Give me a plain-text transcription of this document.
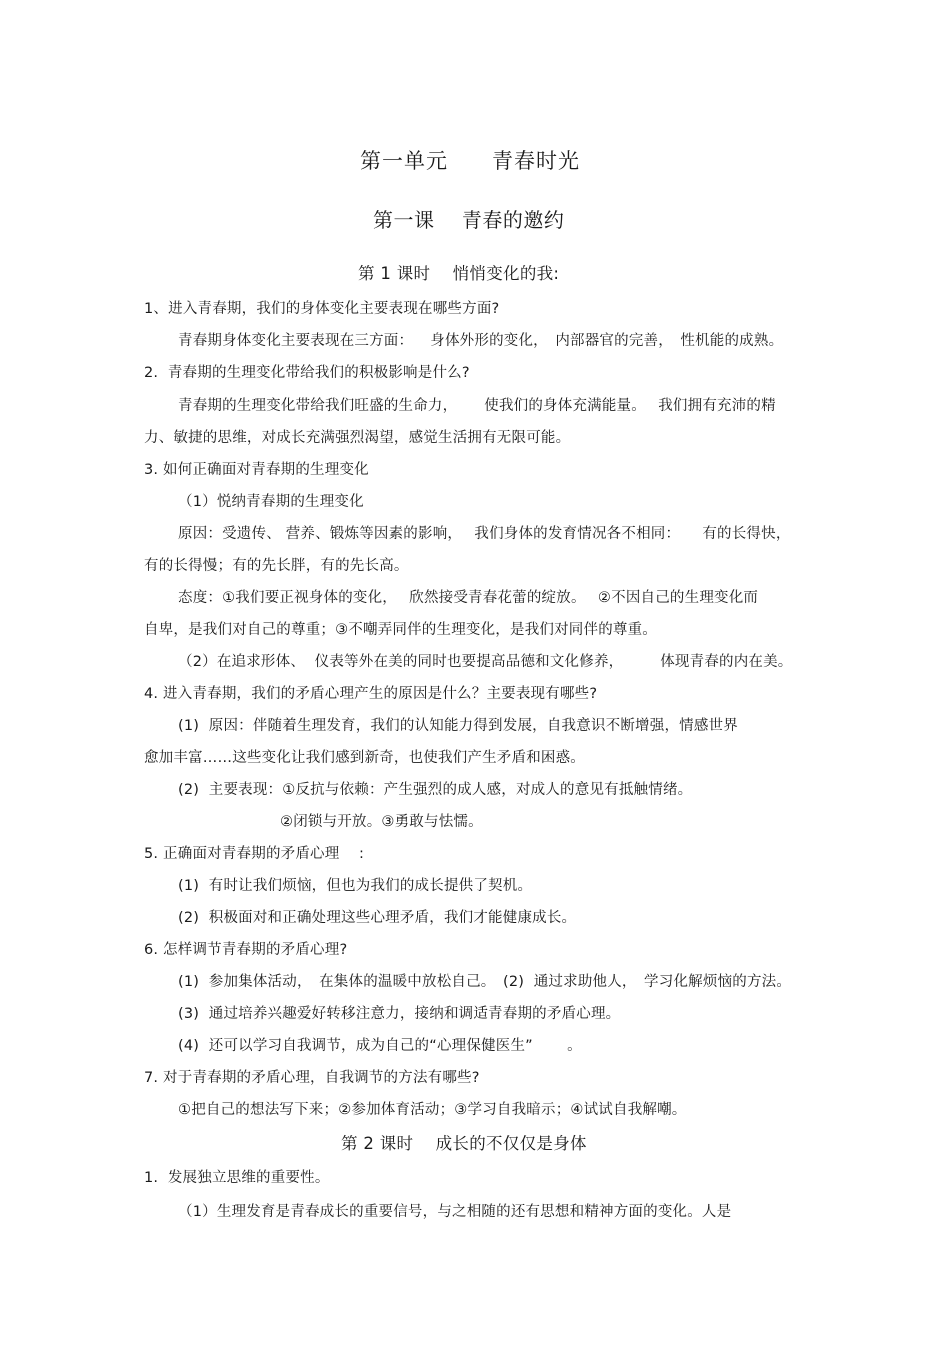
第一单元　　青春时光
第一课　 青春的邀约
第 1 课时　 悄悄变化的我:
1、进入青春期，我们的身体变化主要表现在哪些方面?
青春期身体变化主要表现在三方面：　  身体外形的变化，　内部器官的完善，　性机能的成熟。
2.  青春期的生理变化带给我们的积极影响是什么?
青春期的生理变化带给我们旺盛的生命力，　　 使我们的身体充满能量。　 我们拥有充沛的精
力、敏捷的思维，对成长充满强烈渴望，感觉生活拥有无限可能。
3. 如何正确面对青春期的生理变化
（1）悦纳青春期的生理变化
原因：受遗传、 营养、锻炼等因素的影响，　 我们身体的发育情况各不相同：　　有的长得快，
有的长得慢；有的先长胖，有的先长高。
态度：①我们要正视身体的变化，　 欣然接受青春花蕾的绽放。　 ②不因自己的生理变化而
自卑，是我们对自己的尊重；③不嘲弄同伴的生理变化，是我们对同伴的尊重。
（2）在追求形体、  仪表等外在美的同时也要提高品德和文化修养，　　　体现青春的内在美。
4. 进入青春期，我们的矛盾心理产生的原因是什么？主要表现有哪些?
(1)  原因：伴随着生理发育，我们的认知能力得到发展，自我意识不断增强，情感世界
愈加丰富……这些变化让我们感到新奇，也使我们产生矛盾和困惑。
(2)  主要表现：①反抗与依赖：产生强烈的成人感，对成人的意见有抵触情绪。
②闭锁与开放。③勇敢与怯懦。
5. 正确面对青春期的矛盾心理　 :
(1)  有时让我们烦恼，但也为我们的成长提供了契机。
(2)  积极面对和正确处理这些心理矛盾，我们才能健康成长。
6. 怎样调节青春期的矛盾心理?
(1)  参加集体活动，　在集体的温暖中放松自己。　(2)  通过求助他人，　学习化解烦恼的方法。
(3)  通过培养兴趣爱好转移注意力，接纳和调适青春期的矛盾心理。
(4)  还可以学习自我调节，成为自己的“心理保健医生”　　 。
7. 对于青春期的矛盾心理，自我调节的方法有哪些?
①把自己的想法写下来；②参加体育活动；③学习自我暗示；④试试自我解嘲。
第 2 课时　 成长的不仅仅是身体
1.  发展独立思维的重要性。
（1）生理发育是青春成长的重要信号，与之相随的还有思想和精神方面的变化。人是
